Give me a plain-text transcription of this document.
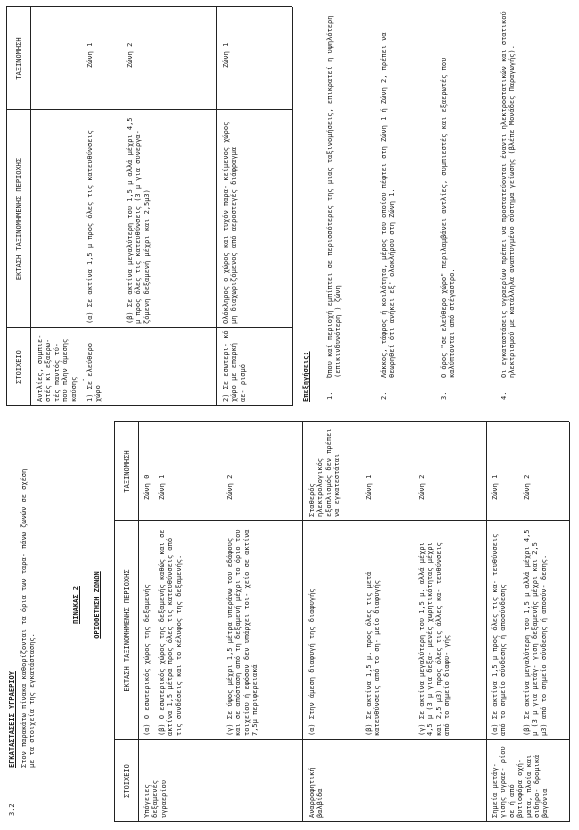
3.2
ΕΓΚΑΤΑΣΤΑΣΕΙΣ ΥΓΡΑΕΡΙΟΥ Στον παρακάτω πίνακα καθορίζονται τα όρια των ταρα- πάνω ζωνών σε σχέση με τα στοιχεία της εγκατάστασης.
ΠΙΝΑΚΑΣ 2 ΟΡΙΟΘΕΤΗΣΗ ΖΩΝΩΝ
·
ΣΤΟΙΧΕΙΟ
ΕΚΤΑΣΗ ΤΑΞΙΝΟΜΗΜΕΝΗΣ ΠΕΡΙΟΧΗΣ
ΤΑΞΙΝΟΜΗΣΗ
Υπόγειες δεξαμενές υγραερίου
(α) Ο εσωτερικός χώρος της δεξαμενής
Ζώνη 0
(β) Ο εσωτερικός χώρος της δεξαμενής καθώς και σε ακτίνα 1,5 μέτρα προς όλες τις κατευθύνσεις από τις συνδέσεις και το κέλυφος της δεξαμενής.
Ζώνη 1
(γ) Σε ύψος μέχρι 1,5 μέτρα υπεράνω του εδάφους και σε απόσταση από τη δεξαμενή μέχρι το όριο του τοιχείου ή εφόσον δεν υπάρχει τοι- χείο σε ακτίνα 7,5μ περιφερειακά
Ζώνη 2
Αναρροφητική βαλβίδα
(α) Στην άμεση διαφυγή της διαφυγής
Σταθερός ηλεκτρολογικός εξοπλισμός δεν πρέπει να εγκατεστάται
(β) Σε ακτίνα 1,5 μ. προς όλες τις μετά κατευθύνσεις από το ση- μείο διαφυγής
Ζώνη 1
(γ) Σε ακτίνα μεγαλύτερη του 1,5 μ. αλλά μέχρι 4,5 μ (3 μ για δεξα- μενές χωρητικότητας μέχρι και 2,5 μ3) προς όλες τις άλλες κα- τευθύνσεις από το σημείο διαφυ- γής
Ζώνη 2
Σημεία μετάγ- γισης υγραε- ρίου σε ή από βυτιοφόρα οχή- ματα, πλοία και σιδηρο- δρομικά βαγόνια
(α) Σε ακτίνα 1,5 μ προς όλες τις κα- τευθύνσεις από το σημείο σύνδεσης ή αποσύνδεσης
Ζώνη 1
(β) Σε ακτίνα μεγαλύτερη του 1,5 μ αλλά μέχρι 4,5 μ (3 μ για μετάγ- γιση δεξαμενής μέχρι και 2,5 μ3) από το σημείο σύνδεσης ή αποσύν- δεσης.
Ζώνη 2
ΣΤΟΙΧΕΙΟ
ΕΚΤΑΣΗ ΤΑΞΙΝΟΜΗΜΕΝΗΣ ΠΕΡΙΟΧΗΣ
ΤΑΞΙΝΟΜΗΣΗ
Αντλίες, συμπιε- στές κι εξαερω- τές παντός τύ- που πλην άμεσης καύσης 1) Σε ελεύθερο χώρο
(α) Σε ακτίνα 1,5 μ προς όλες τις κατευθύνσεις
Ζώνη 1
(β) Σε ακτίνα μεγαλύτερη του 1,5 μ αλλά μέχρι 4,5 μ προς όλες τις κατευθύνσεις (3 μ για συνεργα- ζόμενη δεξαμενή μέχρι και 2,5μ3)
Ζώνη 2
2) Σε εσωτερι- κό χώρο με επαρκή αε- ρισμό
Ολόκληρος ο χώρος και τυχόν παρα- κείμενος χώρος μη διαχωριζόμενος από αεροστεγές διάφραγμα
Ζώνη 1
Επεξηγήσεις: 1.
Όπου καί περιοχή εμπίπτει σε περισσότερες της μιας ταξινομήσεις, επικρατεί η υψηλότερη (επικινδυνότερη ) ζώνη
2.
Λάκκος, τάφρος ή κοιλότητα, μέρος του οποίου πέφτει στη Ζώνη 1 ή Ζώνη 2, πρέπει να θεωρηθεί ότι ανήκει εξ' ολοκλήρου στη Ζώνη 1.
3.
Ο όρος "σε ελεύθερο χώρο" περιλαμβάνει αντλίες, συμπιεστές και εξαερωτές που καλύπτονται από στέγαστρο.
4.
Οι εγκαταστάσεις υγραερίων πρέπει να προστατεύονται έναντι ηλεκτροστατικών και στατικού ηλεκτρισμού με κατάλληλα αναπτυγμένο σύστημα γείωσης (βλέπε Μονάδες Παραγωγής).
